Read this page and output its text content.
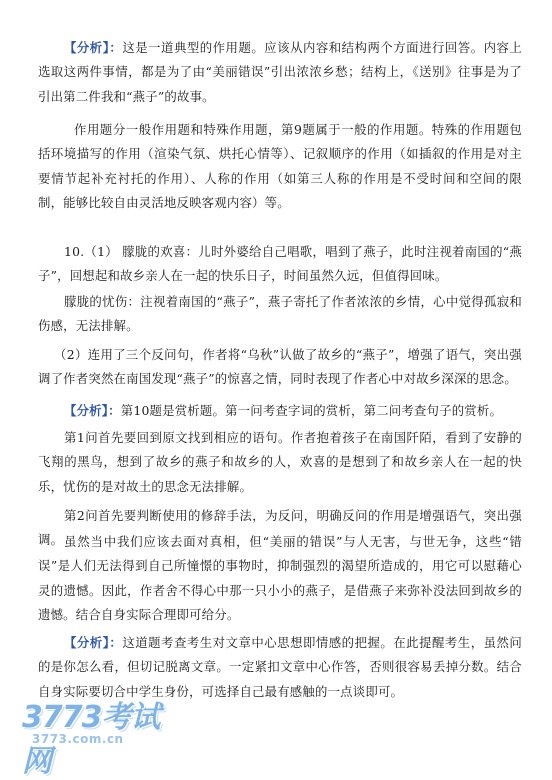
【分析】：这是一道典型的作用题。应该从内容和结构两个方面进行回答。内容上选取这两件事情，都是为了由“美丽错误”引出浓浓乡愁；结构上，《送别》往事是为了引出第二件我和“燕子”的故事。

作用题分一般作用题和特殊作用题，第9题属于一般的作用题。特殊的作用题包括环境描写的作用（渲染气氛、烘托心情等）、记叙顺序的作用（如插叙的作用是对主要情节起补充衬托的作用）、人称的作用（如第三人称的作用是不受时间和空间的限制，能够比较自由灵活地反映客观内容）等。

10.（1） 朦胧的欢喜：儿时外婆给自己唱歌，唱到了燕子，此时注视着南国的“燕子”，回想起和故乡亲人在一起的快乐日子，时间虽然久远，但值得回味。

朦胧的忧伤：注视着南国的“燕子”，燕子寄托了作者浓浓的乡情，心中觉得孤寂和伤感，无法排解。

（2）连用了三个反问句，作者将“乌秋”认做了故乡的“燕子”，增强了语气，突出强调了作者突然在南国发现“燕子”的惊喜之情，同时表现了作者心中对故乡深深的思念。

【分析】：第10题是赏析题。第一问考查字词的赏析，第二问考查句子的赏析。

第1问首先要回到原文找到相应的语句。作者抱着孩子在南国阡陌，看到了安静的飞翔的黑鸟，想到了故乡的燕子和故乡的人，欢喜的是想到了和故乡亲人在一起的快乐，忧伤的是对故土的思念无法排解。

第2问首先要判断使用的修辞手法，为反问，明确反问的作用是增强语气，突出强调。 虽然当中我们应该去面对真相，但“美丽的错误”与人无害，与世无争，这些“错误”是人们无法得到自己所憧憬的事物时，抑制强烈的渴望所造成的，用它可以慰藉心灵的遗憾。因此，作者舍不得心中那一只小小的燕子，是借燕子来弥补没法回到故乡的遗憾。结合自身实际合理即可给分。

【分析】：这道题考查考生对文章中心思想即情感的把握。在此提醒考生，虽然问的是你怎么看，但切记脱离文章。一定紧扣文章中心作答，否则很容易丢掉分数。结合自身实际要切合中学生身份，可选择自己最有感触的一点谈即可。

3773考试网
3773.com.cn
